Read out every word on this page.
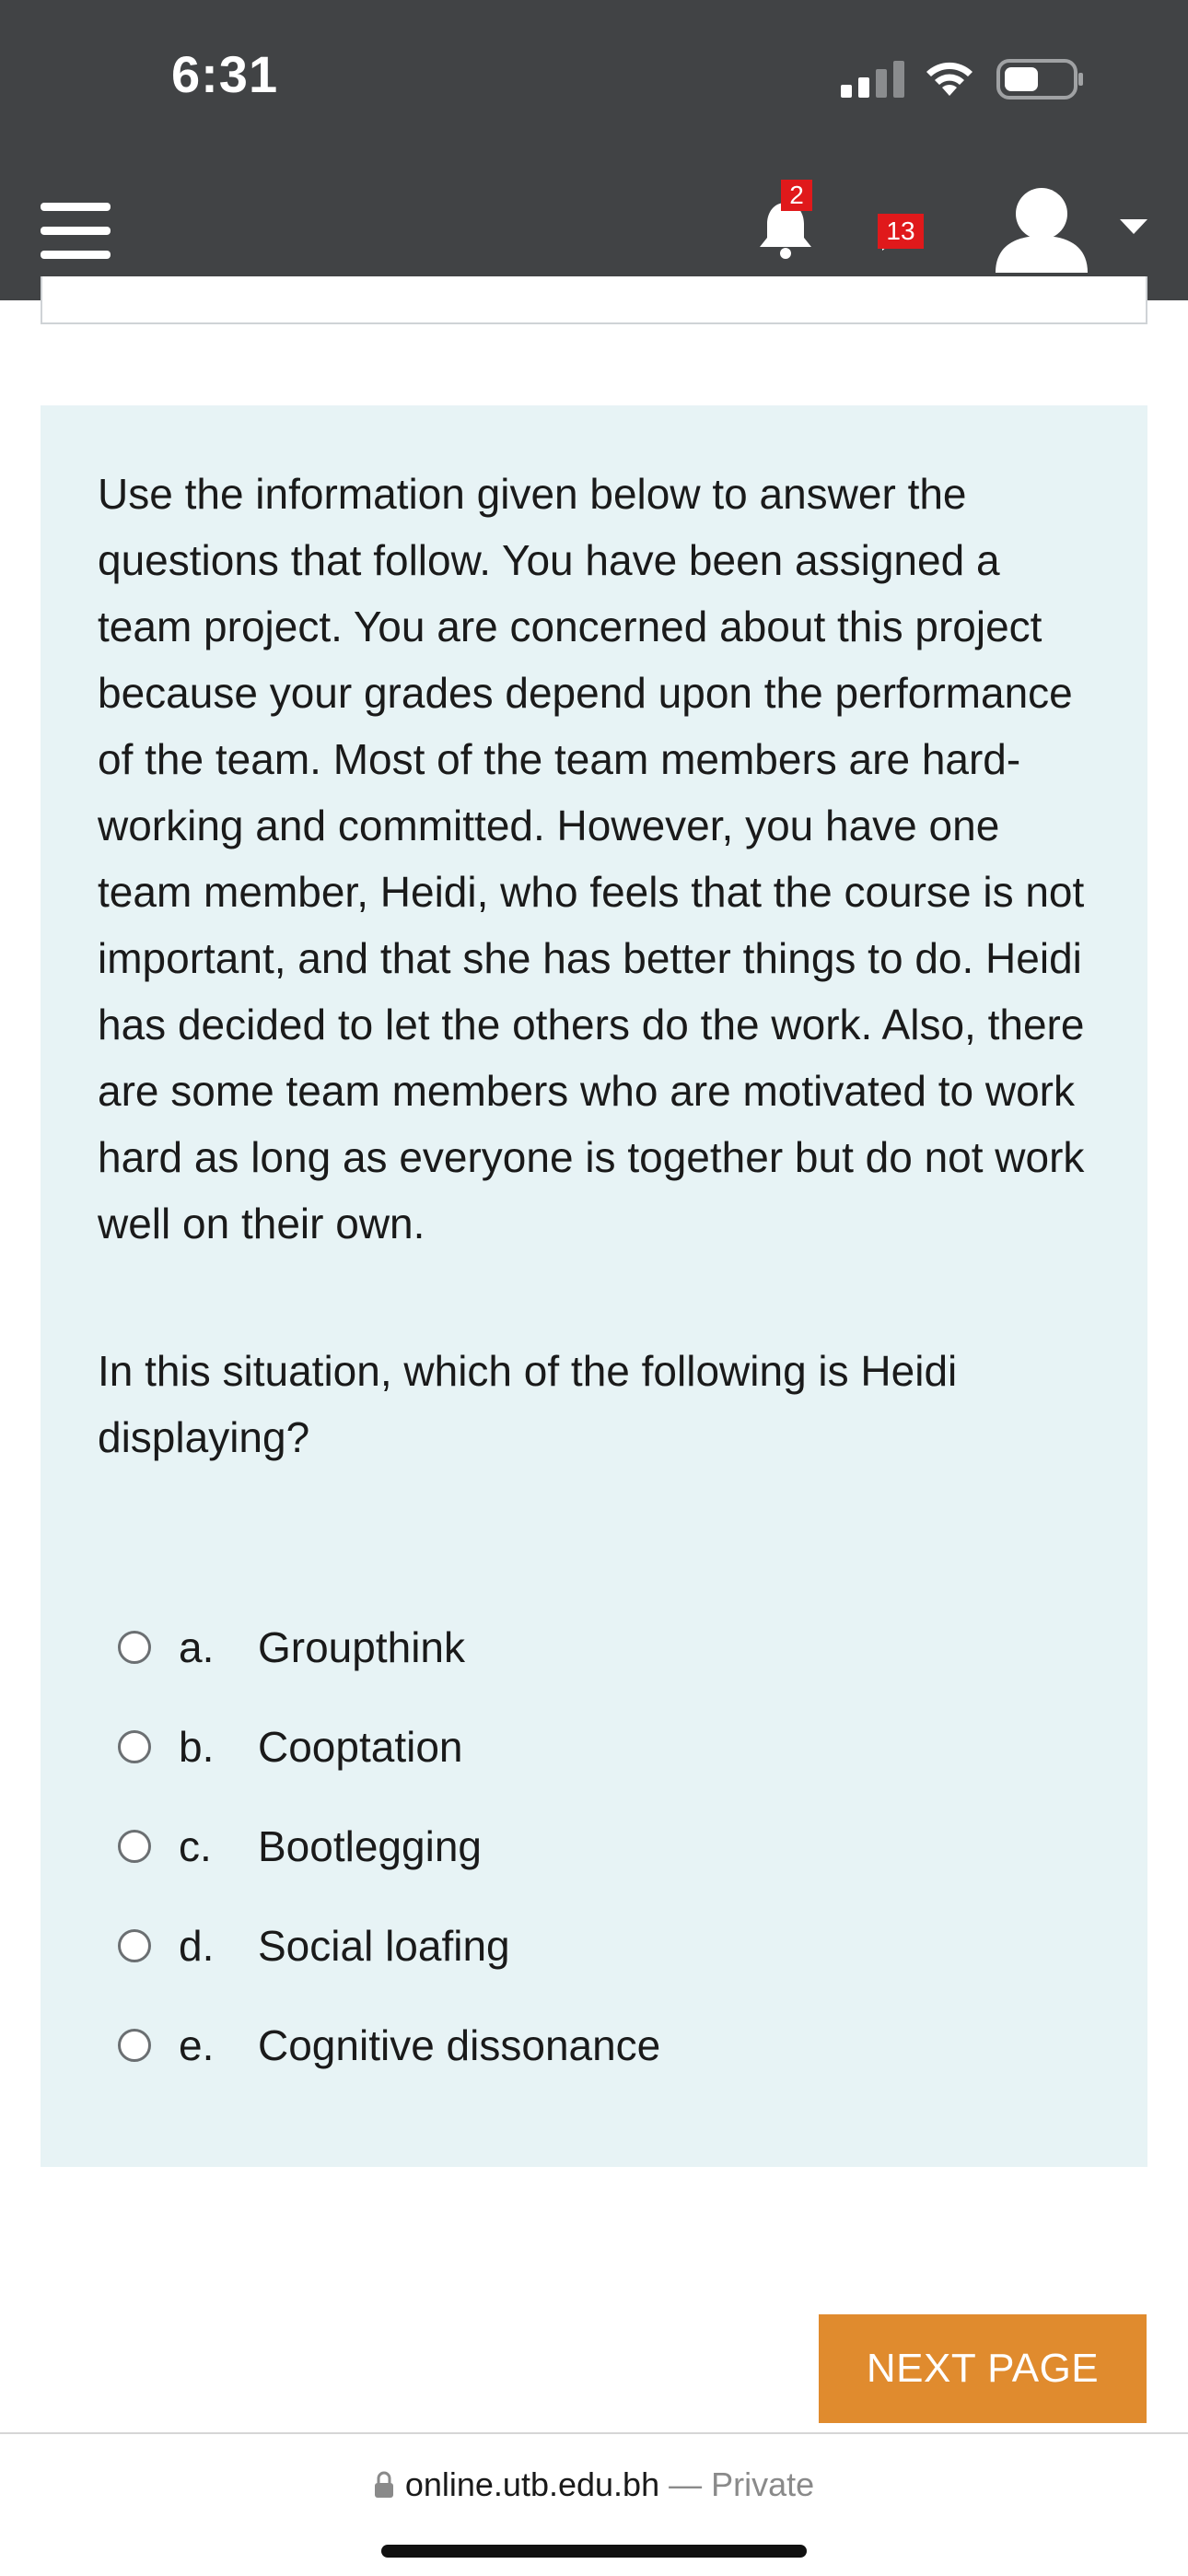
6:31
2
13

Use the information given below to answer the questions that follow. You have been assigned a team project. You are concerned about this project because your grades depend upon the performance of the team. Most of the team members are hard-working and committed. However, you have one team member, Heidi, who feels that the course is not important, and that she has better things to do. Heidi has decided to let the others do the work. Also, there are some team members who are motivated to work hard as long as everyone is together but do not work well on their own.

In this situation, which of the following is Heidi displaying?

a. Groupthink
b. Cooptation
c. Bootlegging
d. Social loafing
e. Cognitive dissonance
NEXT PAGE
online.utb.edu.bh — Private
